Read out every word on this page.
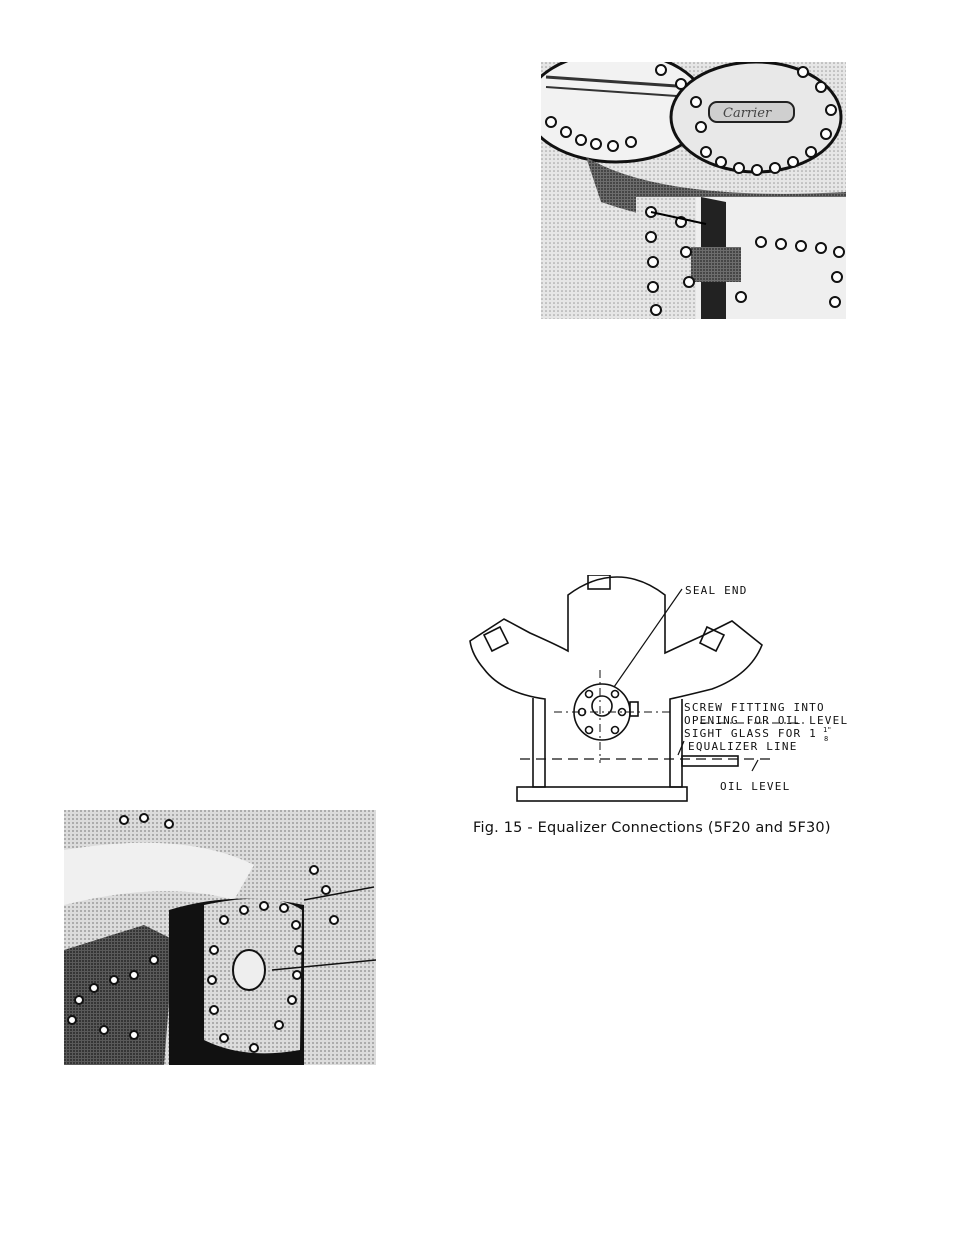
Carrier
SEAL END
SCREW FITTING INTO
OPENING FOR OIL LEVEL
SIGHT GLASS FOR 1 1"
8
EQUALIZER LINE
OIL LEVEL
Fig. 15 - Equalizer Connections (5F20 and 5F30)
